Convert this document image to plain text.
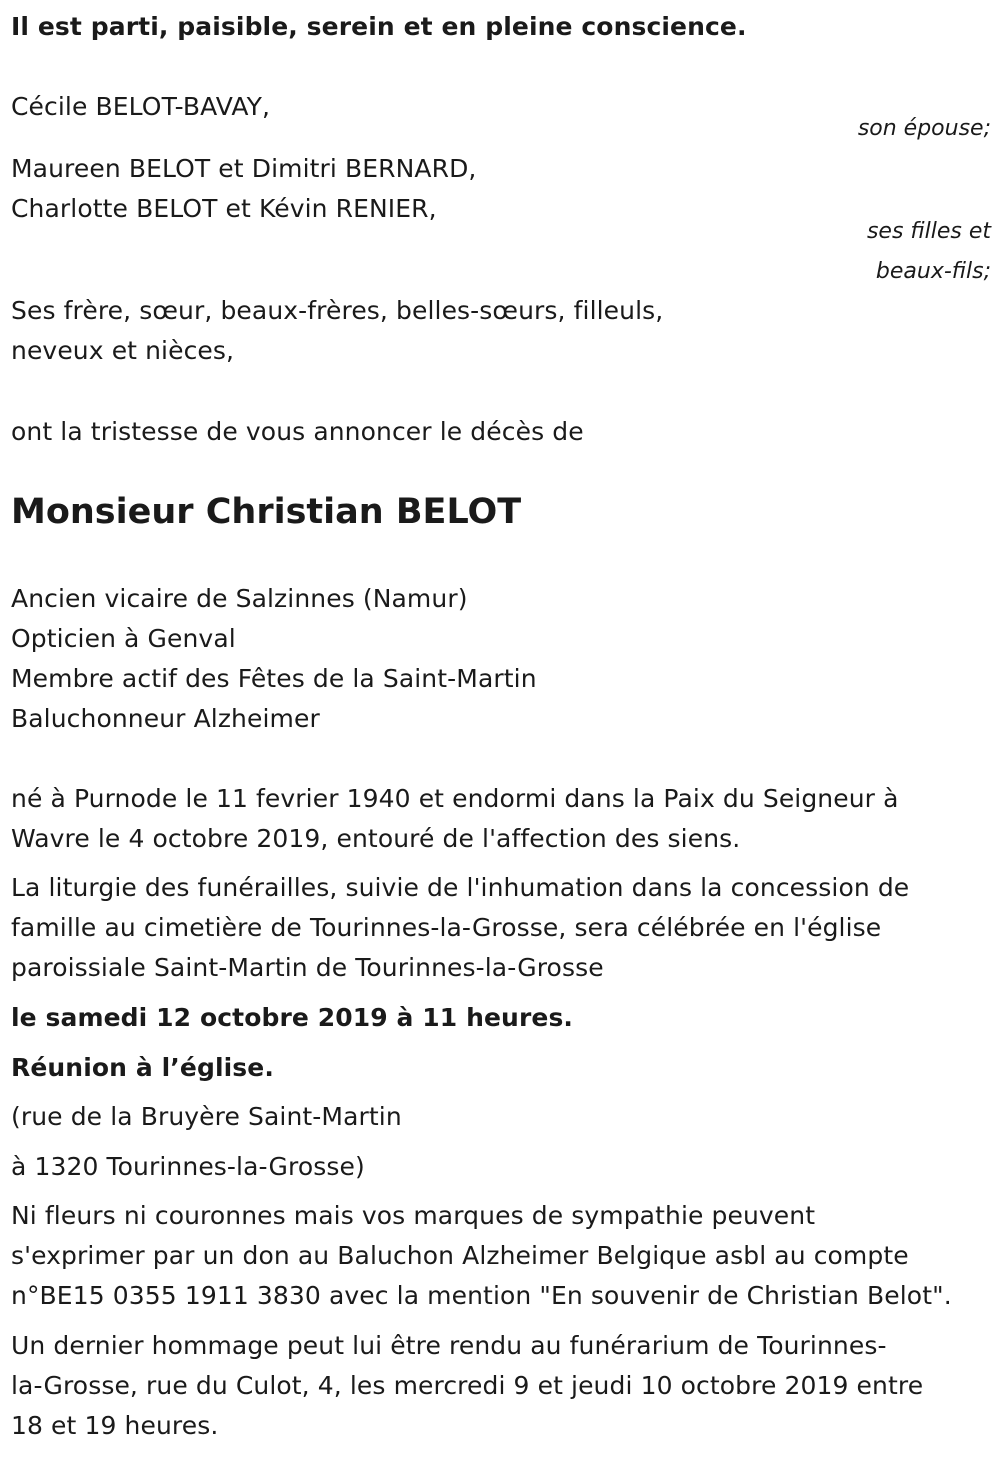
Il est parti, paisible, serein et en pleine conscience.
Cécile BELOT-BAVAY,
son épouse;
Maureen BELOT et Dimitri BERNARD,
Charlotte BELOT et Kévin RENIER,
ses filles et
beaux-fils;
Ses frère, sœur, beaux-frères, belles-sœurs, filleuls,
neveux et nièces,
ont la tristesse de vous annoncer le décès de
Monsieur Christian BELOT
Ancien vicaire de Salzinnes (Namur)
Opticien à Genval
Membre actif des Fêtes de la Saint-Martin
Baluchonneur Alzheimer
né à Purnode le 11 fevrier 1940 et endormi dans la Paix du Seigneur à
Wavre le 4 octobre 2019, entouré de l'affection des siens.
La liturgie des funérailles, suivie de l'inhumation dans la concession de
famille au cimetière de Tourinnes-la-Grosse, sera célébrée en l'église
paroissiale Saint-Martin de Tourinnes-la-Grosse
le samedi 12 octobre 2019 à 11 heures.
Réunion à l’église.
(rue de la Bruyère Saint-Martin
à 1320 Tourinnes-la-Grosse)
Ni fleurs ni couronnes mais vos marques de sympathie peuvent
s'exprimer par un don au Baluchon Alzheimer Belgique asbl au compte
n°BE15 0355 1911 3830 avec la mention "En souvenir de Christian Belot".
Un dernier hommage peut lui être rendu au funérarium de Tourinnes-
la-Grosse, rue du Culot, 4, les mercredi 9 et jeudi 10 octobre 2019 entre
18 et 19 heures.
